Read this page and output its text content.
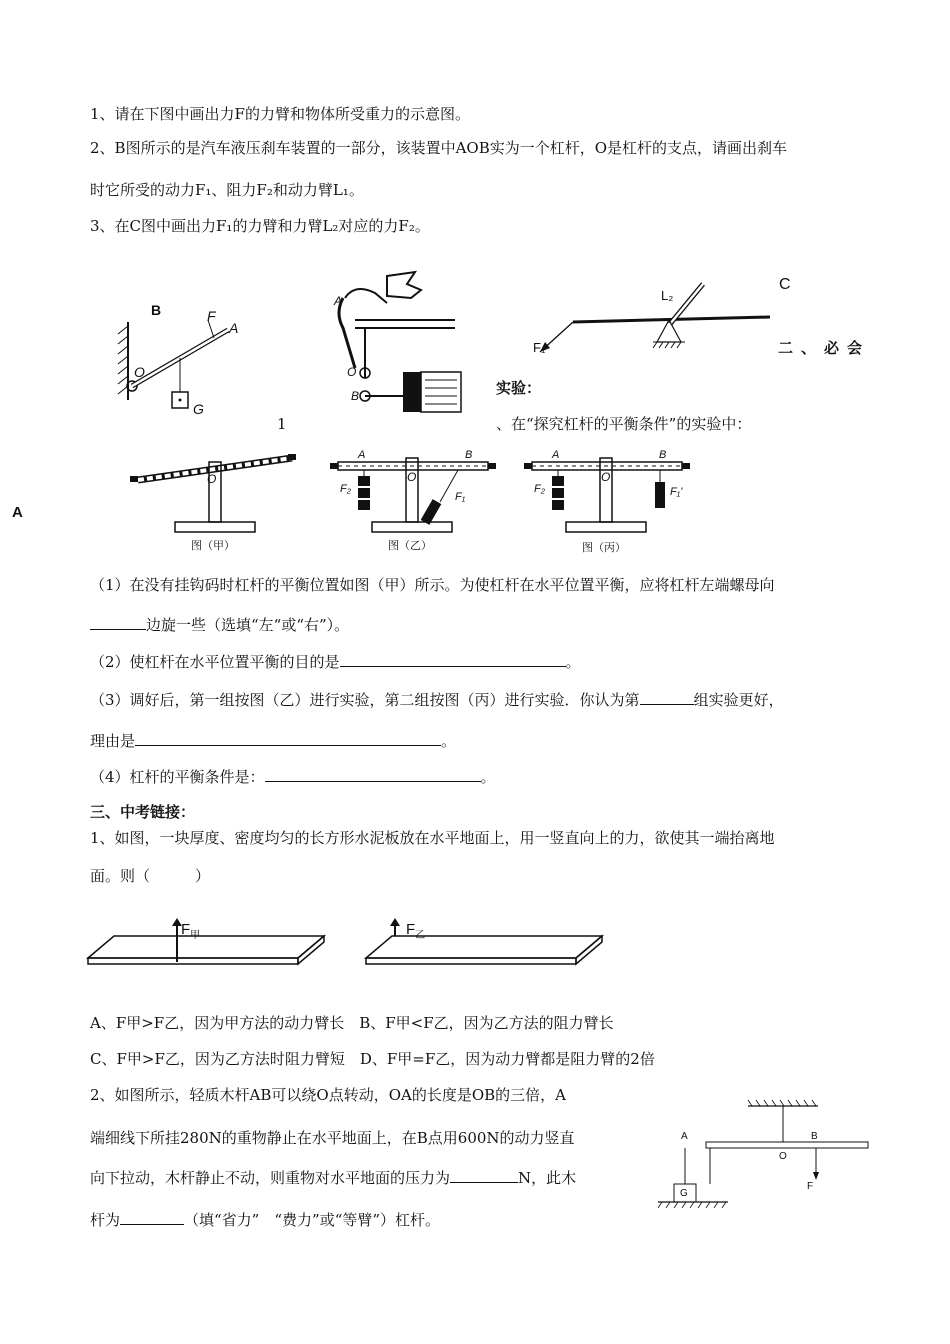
1、请在下图中画出力F的力臂和物体所受重力的示意图。
2、B图所示的是汽车液压刹车装置的一部分，该装置中AOB实为一个杠杆，O是杠杆的支点，请画出刹车
时它所受的动力F₁、阻力F₂和动力臂L₁。
3、在C图中画出力F₁的力臂和力臂L₂对应的力F₂。
B	F
A
O
G
A
O
B
L₂
F₁
C
二、必会
实验：
1	、在“探究杠杆的平衡条件”的实验中：
A
O
图（甲）
A	B
O
F₂
F₁
图（乙）
A	B
O
F₂	F₁'
图（丙）
（1）在没有挂钩码时杠杆的平衡位置如图（甲）所示。为使杠杆在水平位置平衡，应将杠杆左端螺母向
边旋一些（选填“左“或“右”）。
（2）使杠杆在水平位置平衡的目的是	。
（3）调好后，第一组按图（乙）进行实验，第二组按图（丙）进行实验．你认为第	组实验更好，
理由是	。
（4）杠杆的平衡条件是：	。
三、中考链接：
1、如图，一块厚度、密度均匀的长方形水泥板放在水平地面上，用一竖直向上的力，欲使其一端抬离地
面。则（　　　）
$F_甲$	$F_乙$
A、F甲>F乙，因为甲方法的动力臂长　B、F甲<F乙，因为乙方法的阻力臂长
C、F甲>F乙，因为乙方法时阻力臂短　D、F甲=F乙，因为动力臂都是阻力臂的2倍
2、如图所示，轻质木杆AB可以绕O点转动，OA的长度是OB的三倍，A
端细线下所挂280N的重物静止在水平地面上，在B点用600N的动力竖直
向下拉动，木杆静止不动，则重物对水平地面的压力为	N，此木
杆为	（填“省力”　“费力”或“等臂”）杠杆。
A	B
O
G
F
